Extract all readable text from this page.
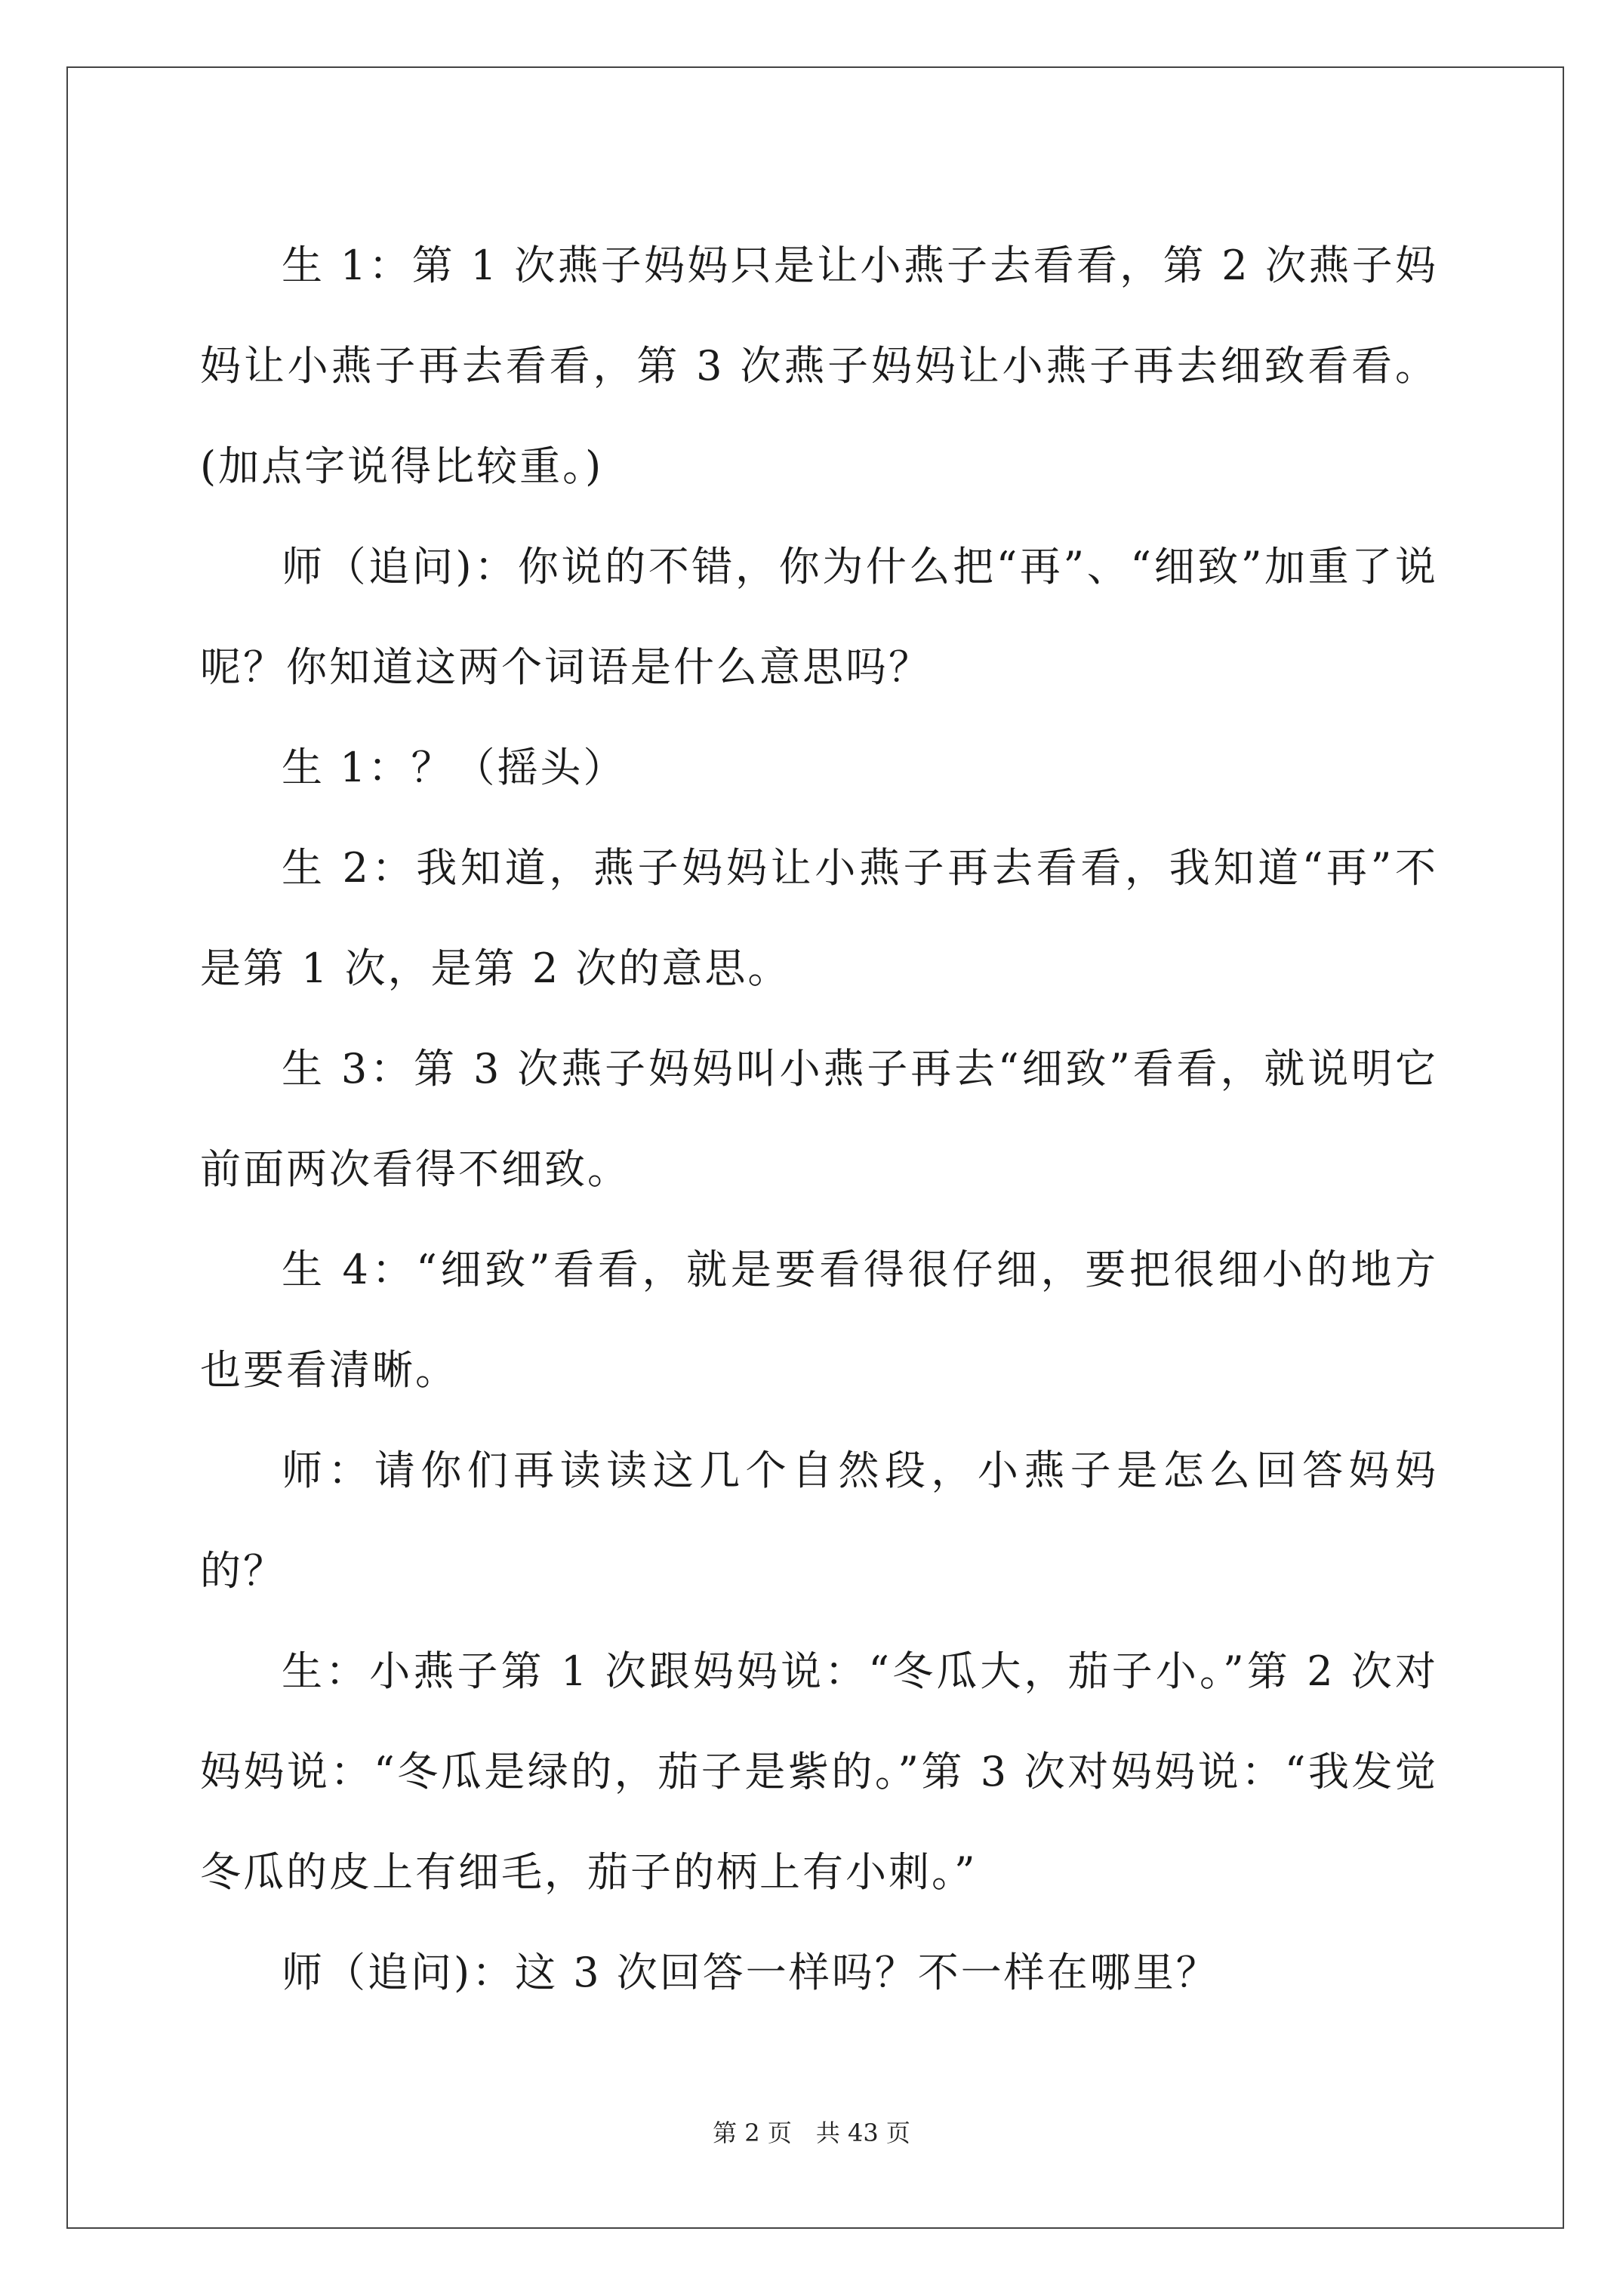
生 1：第 1 次燕子妈妈只是让小燕子去看看，第 2 次燕子妈妈让小燕子再去看看，第 3 次燕子妈妈让小燕子再去细致看看。(加点字说得比较重。)

师（追问)：你说的不错，你为什么把“再”、“细致”加重了说呢？你知道这两个词语是什么意思吗？

生 1：？（摇头）

生 2：我知道，燕子妈妈让小燕子再去看看，我知道“再”不是第 1 次，是第 2 次的意思。

生 3：第 3 次燕子妈妈叫小燕子再去“细致”看看，就说明它前面两次看得不细致。

生 4：“细致”看看，就是要看得很仔细，要把很细小的地方也要看清晰。

师：请你们再读读这几个自然段，小燕子是怎么回答妈妈的？

生：小燕子第 1 次跟妈妈说：“冬瓜大，茄子小。”第 2 次对妈妈说：“冬瓜是绿的，茄子是紫的。”第 3 次对妈妈说：“我发觉冬瓜的皮上有细毛，茄子的柄上有小刺。”

师（追问)：这 3 次回答一样吗？不一样在哪里？

第 2 页　共 43 页
